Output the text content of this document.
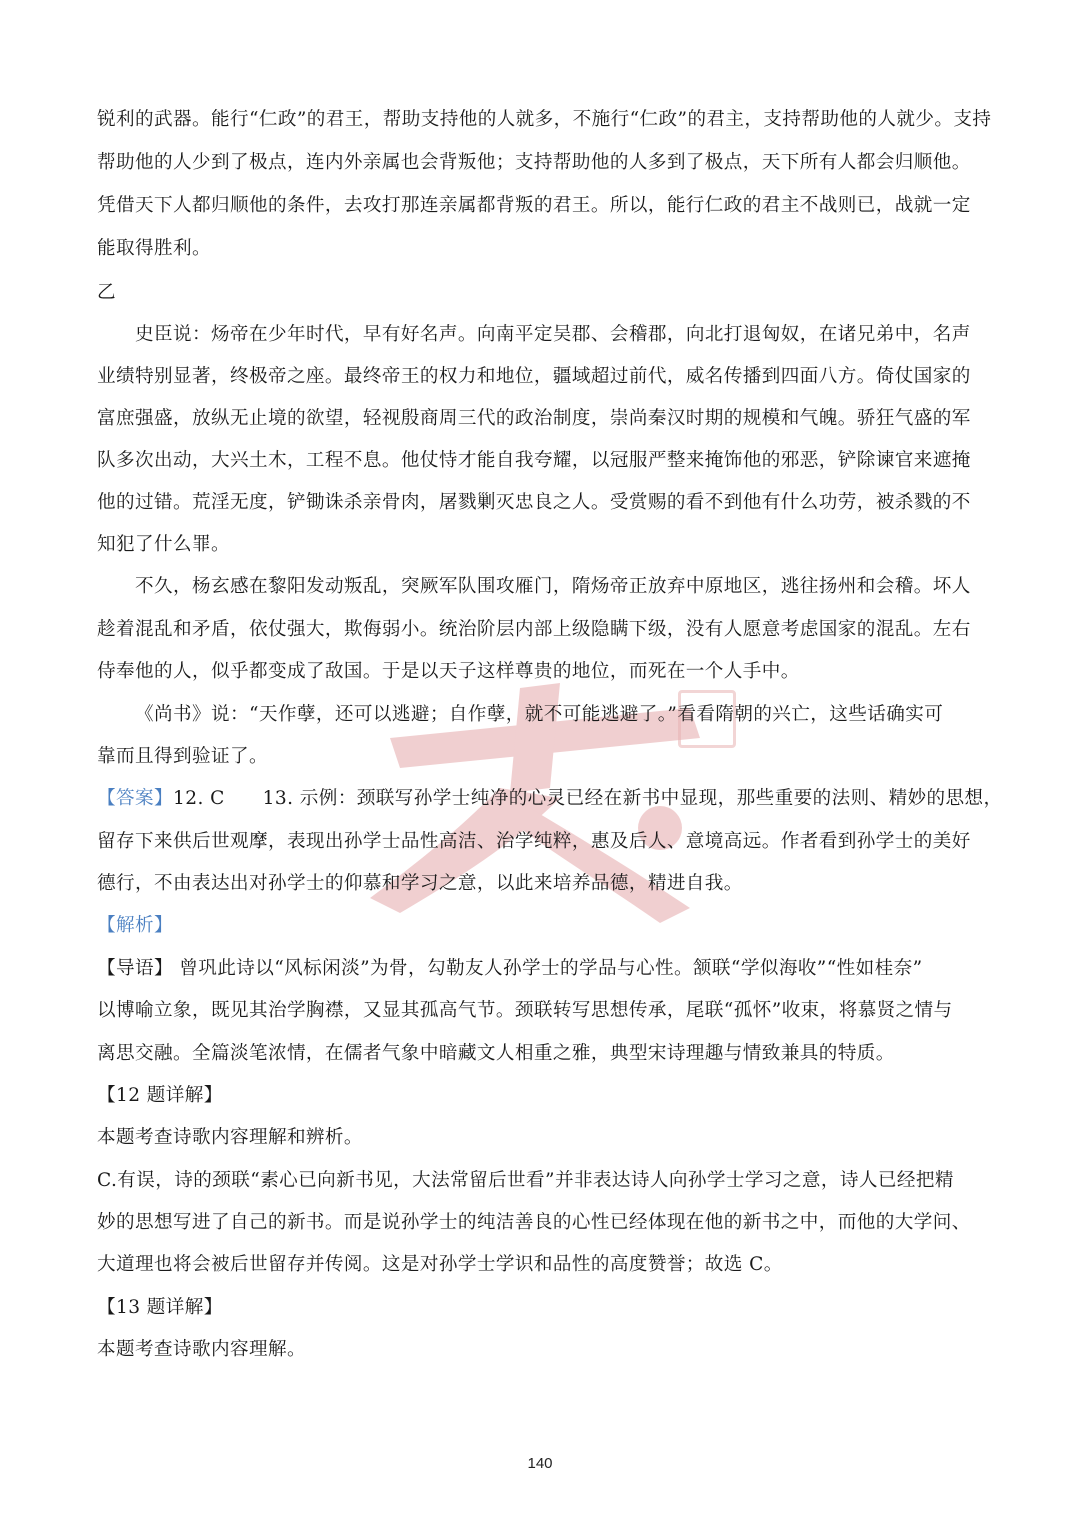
锐利的武器。能行“仁政”的君王，帮助支持他的人就多，不施行“仁政”的君主，支持帮助他的人就少。支持
帮助他的人少到了极点，连内外亲属也会背叛他；支持帮助他的人多到了极点，天下所有人都会归顺他。
凭借天下人都归顺他的条件，去攻打那连亲属都背叛的君王。所以，能行仁政的君主不战则已，战就一定
能取得胜利。
乙
史臣说：炀帝在少年时代，早有好名声。向南平定吴郡、会稽郡，向北打退匈奴，在诸兄弟中，名声
业绩特别显著，终极帝之座。最终帝王的权力和地位，疆域超过前代，威名传播到四面八方。倚仗国家的
富庶强盛，放纵无止境的欲望，轻视殷商周三代的政治制度，崇尚秦汉时期的规模和气魄。骄狂气盛的军
队多次出动，大兴土木，工程不息。他仗恃才能自我夸耀，以冠服严整来掩饰他的邪恶，铲除谏官来遮掩
他的过错。荒淫无度，铲锄诛杀亲骨肉，屠戮剿灭忠良之人。受赏赐的看不到他有什么功劳，被杀戮的不
知犯了什么罪。
不久，杨玄感在黎阳发动叛乱，突厥军队围攻雁门，隋炀帝正放弃中原地区，逃往扬州和会稽。坏人
趁着混乱和矛盾，依仗强大，欺侮弱小。统治阶层内部上级隐瞒下级，没有人愿意考虑国家的混乱。左右
侍奉他的人，似乎都变成了敌国。于是以天子这样尊贵的地位，而死在一个人手中。
《尚书》说：“天作孽，还可以逃避；自作孽，就不可能逃避了。”看看隋朝的兴亡，这些话确实可
靠而且得到验证了。
【答案】12. C　　13. 示例：颈联写孙学士纯净的心灵已经在新书中显现，那些重要的法则、精妙的思想，
留存下来供后世观摩，表现出孙学士品性高洁、治学纯粹，惠及后人、意境高远。作者看到孙学士的美好
德行，不由表达出对孙学士的仰慕和学习之意，以此来培养品德，精进自我。
【解析】
【导语】 曾巩此诗以“风标闲淡”为骨，勾勒友人孙学士的学品与心性。颔联“学似海收”“性如桂奈”
以博喻立象，既见其治学胸襟，又显其孤高气节。颈联转写思想传承，尾联“孤怀”收束，将慕贤之情与
离思交融。全篇淡笔浓情，在儒者气象中暗藏文人相重之雅，典型宋诗理趣与情致兼具的特质。
【12 题详解】
本题考查诗歌内容理解和辨析。
C.有误，诗的颈联“素心已向新书见，大法常留后世看”并非表达诗人向孙学士学习之意，诗人已经把精
妙的思想写进了自己的新书。而是说孙学士的纯洁善良的心性已经体现在他的新书之中，而他的大学问、
大道理也将会被后世留存并传阅。这是对孙学士学识和品性的高度赞誉；故选 C。
【13 题详解】
本题考查诗歌内容理解。
140
